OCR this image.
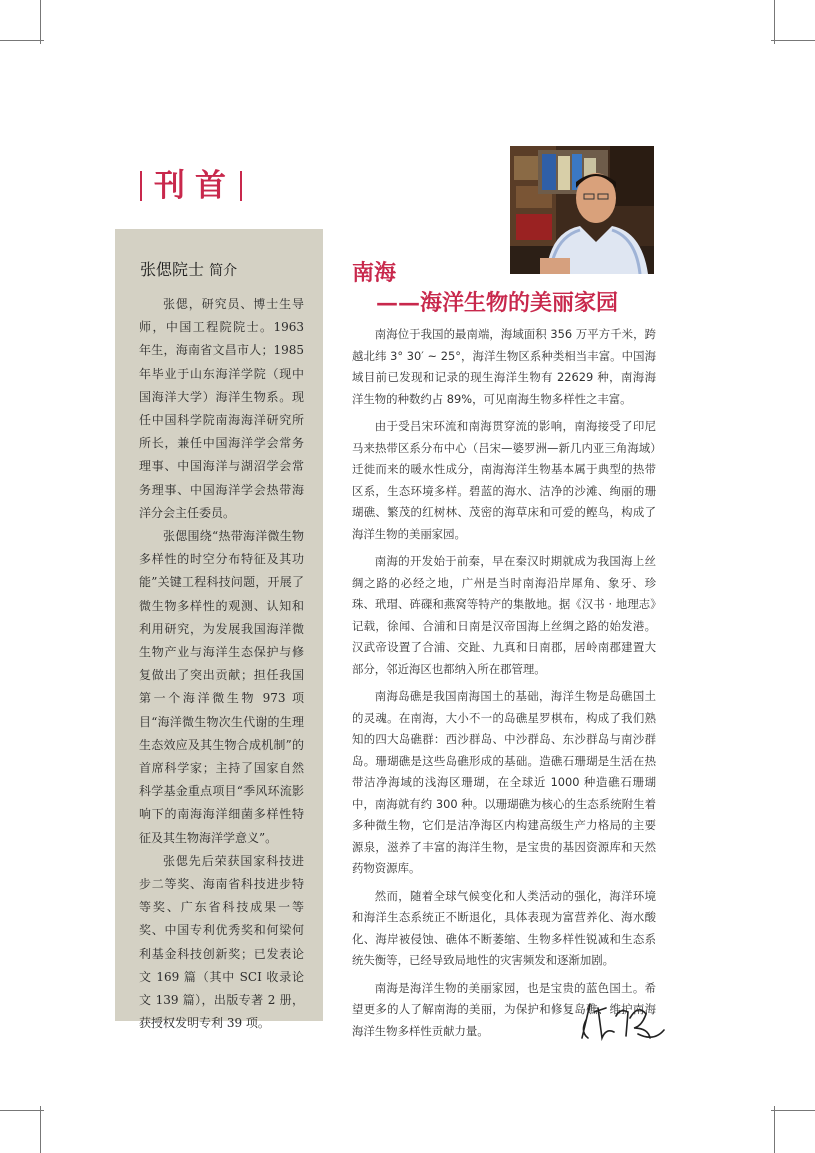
刊首
张偲院士 简介

张偲，研究员、博士生导师，中国工程院院士。1963 年生，海南省文昌市人；1985 年毕业于山东海洋学院（现中国海洋大学）海洋生物系。现任中国科学院南海海洋研究所所长，兼任中国海洋学会常务理事、中国海洋与湖沼学会常务理事、中国海洋学会热带海洋分会主任委员。

张偲围绕“热带海洋微生物多样性的时空分布特征及其功能”关键工程科技问题，开展了微生物多样性的观测、认知和利用研究，为发展我国海洋微生物产业与海洋生态保护与修复做出了突出贡献；担任我国第一个海洋微生物 973 项目“海洋微生物次生代谢的生理生态效应及其生物合成机制”的首席科学家；主持了国家自然科学基金重点项目“季风环流影响下的南海海洋细菌多样性特征及其生物海洋学意义”。

张偲先后荣获国家科技进步二等奖、海南省科技进步特等奖、广东省科技成果一等奖、中国专利优秀奖和何梁何利基金科技创新奖；已发表论文 169 篇（其中 SCI 收录论文 139 篇），出版专著 2 册，获授权发明专利 39 项。

南海
——海洋生物的美丽家园

南海位于我国的最南端，海域面积 356 万平方千米，跨越北纬 3° 30′ ~ 25°，海洋生物区系种类相当丰富。中国海域目前已发现和记录的现生海洋生物有 22629 种，南海海洋生物的种数约占 89%，可见南海生物多样性之丰富。

由于受吕宋环流和南海贯穿流的影响，南海接受了印尼马来热带区系分布中心（吕宋—婆罗洲—新几内亚三角海域）迁徙而来的暖水性成分，南海海洋生物基本属于典型的热带区系，生态环境多样。碧蓝的海水、洁净的沙滩、绚丽的珊瑚礁、繁茂的红树林、茂密的海草床和可爱的鲣鸟，构成了海洋生物的美丽家园。

南海的开发始于前秦，早在秦汉时期就成为我国海上丝绸之路的必经之地，广州是当时南海沿岸犀角、象牙、珍珠、玳瑁、砗磲和燕窝等特产的集散地。据《汉书 · 地理志》记载，徐闻、合浦和日南是汉帝国海上丝绸之路的始发港。汉武帝设置了合浦、交趾、九真和日南郡，居岭南郡建置大部分，邻近海区也都纳入所在郡管理。

南海岛礁是我国南海国土的基础，海洋生物是岛礁国土的灵魂。在南海，大小不一的岛礁星罗棋布，构成了我们熟知的四大岛礁群：西沙群岛、中沙群岛、东沙群岛与南沙群岛。珊瑚礁是这些岛礁形成的基础。造礁石珊瑚是生活在热带洁净海域的浅海区珊瑚，在全球近 1000 种造礁石珊瑚中，南海就有约 300 种。以珊瑚礁为核心的生态系统附生着多种微生物，它们是洁净海区内构建高级生产力格局的主要源泉，滋养了丰富的海洋生物，是宝贵的基因资源库和天然药物资源库。

然而，随着全球气候变化和人类活动的强化，海洋环境和海洋生态系统正不断退化，具体表现为富营养化、海水酸化、海岸被侵蚀、礁体不断萎缩、生物多样性锐减和生态系统失衡等，已经导致局地性的灾害频发和逐渐加剧。

南海是海洋生物的美丽家园，也是宝贵的蓝色国土。希望更多的人了解南海的美丽，为保护和修复岛礁、维护南海海洋生物多样性贡献力量。
